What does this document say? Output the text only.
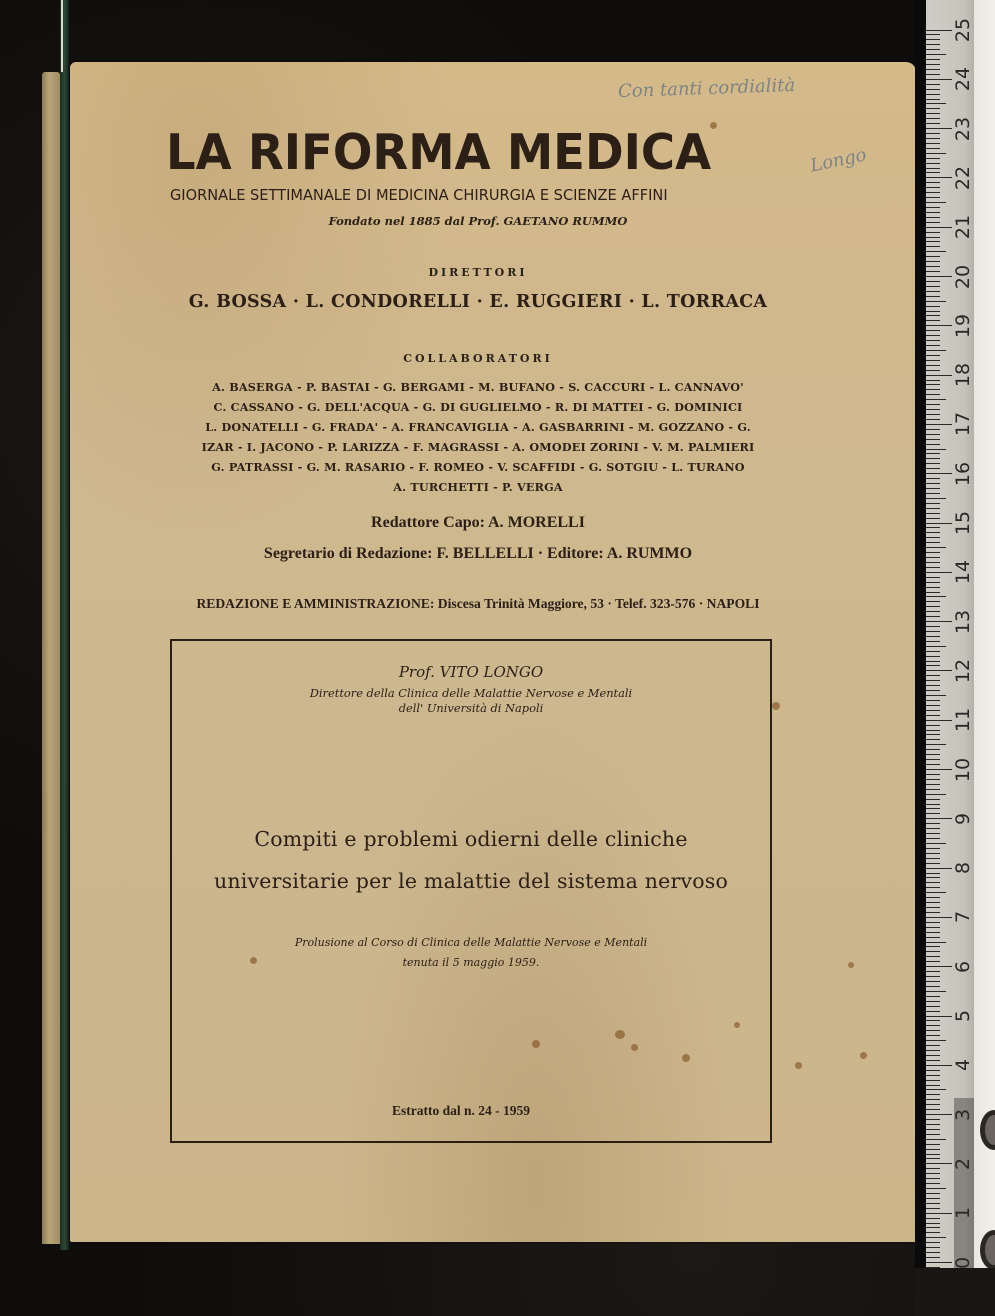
Con tanti cordialità
Longo
LA RIFORMA MEDICA
GIORNALE SETTIMANALE DI MEDICINA CHIRURGIA E SCIENZE AFFINI
Fondato nel 1885 dal Prof. GAETANO RUMMO
DIRETTORI
G. BOSSA · L. CONDORELLI · E. RUGGIERI · L. TORRACA
COLLABORATORI
A. BASERGA - P. BASTAI - G. BERGAMI - M. BUFANO - S. CACCURI - L. CANNAVO'
C. CASSANO - G. DELL'ACQUA - G. DI GUGLIELMO - R. DI MATTEI - G. DOMINICI
L. DONATELLI - G. FRADA' - A. FRANCAVIGLIA - A. GASBARRINI - M. GOZZANO - G.
IZAR - I. JACONO - P. LARIZZA - F. MAGRASSI - A. OMODEI ZORINI - V. M. PALMIERI
G. PATRASSI - G. M. RASARIO - F. ROMEO - V. SCAFFIDI - G. SOTGIU - L. TURANO
A. TURCHETTI - P. VERGA
Redattore Capo: A. MORELLI
Segretario di Redazione: F. BELLELLI · Editore: A. RUMMO
REDAZIONE E AMMINISTRAZIONE: Discesa Trinità Maggiore, 53 · Telef. 323-576 · NAPOLI
Prof. VITO LONGO
Direttore della Clinica delle Malattie Nervose e Mentali
dell' Università di Napoli
Compiti e problemi odierni delle cliniche
universitarie per le malattie del sistema nervoso
Prolusione al Corso di Clinica delle Malattie Nervose e Mentali
tenuta il 5 maggio 1959.
Estratto dal n. 24 - 1959
25
24
23
22
21
20
19
18
17
16
15
14
13
12
11
10
9
8
7
6
5
4
3
2
1
0
